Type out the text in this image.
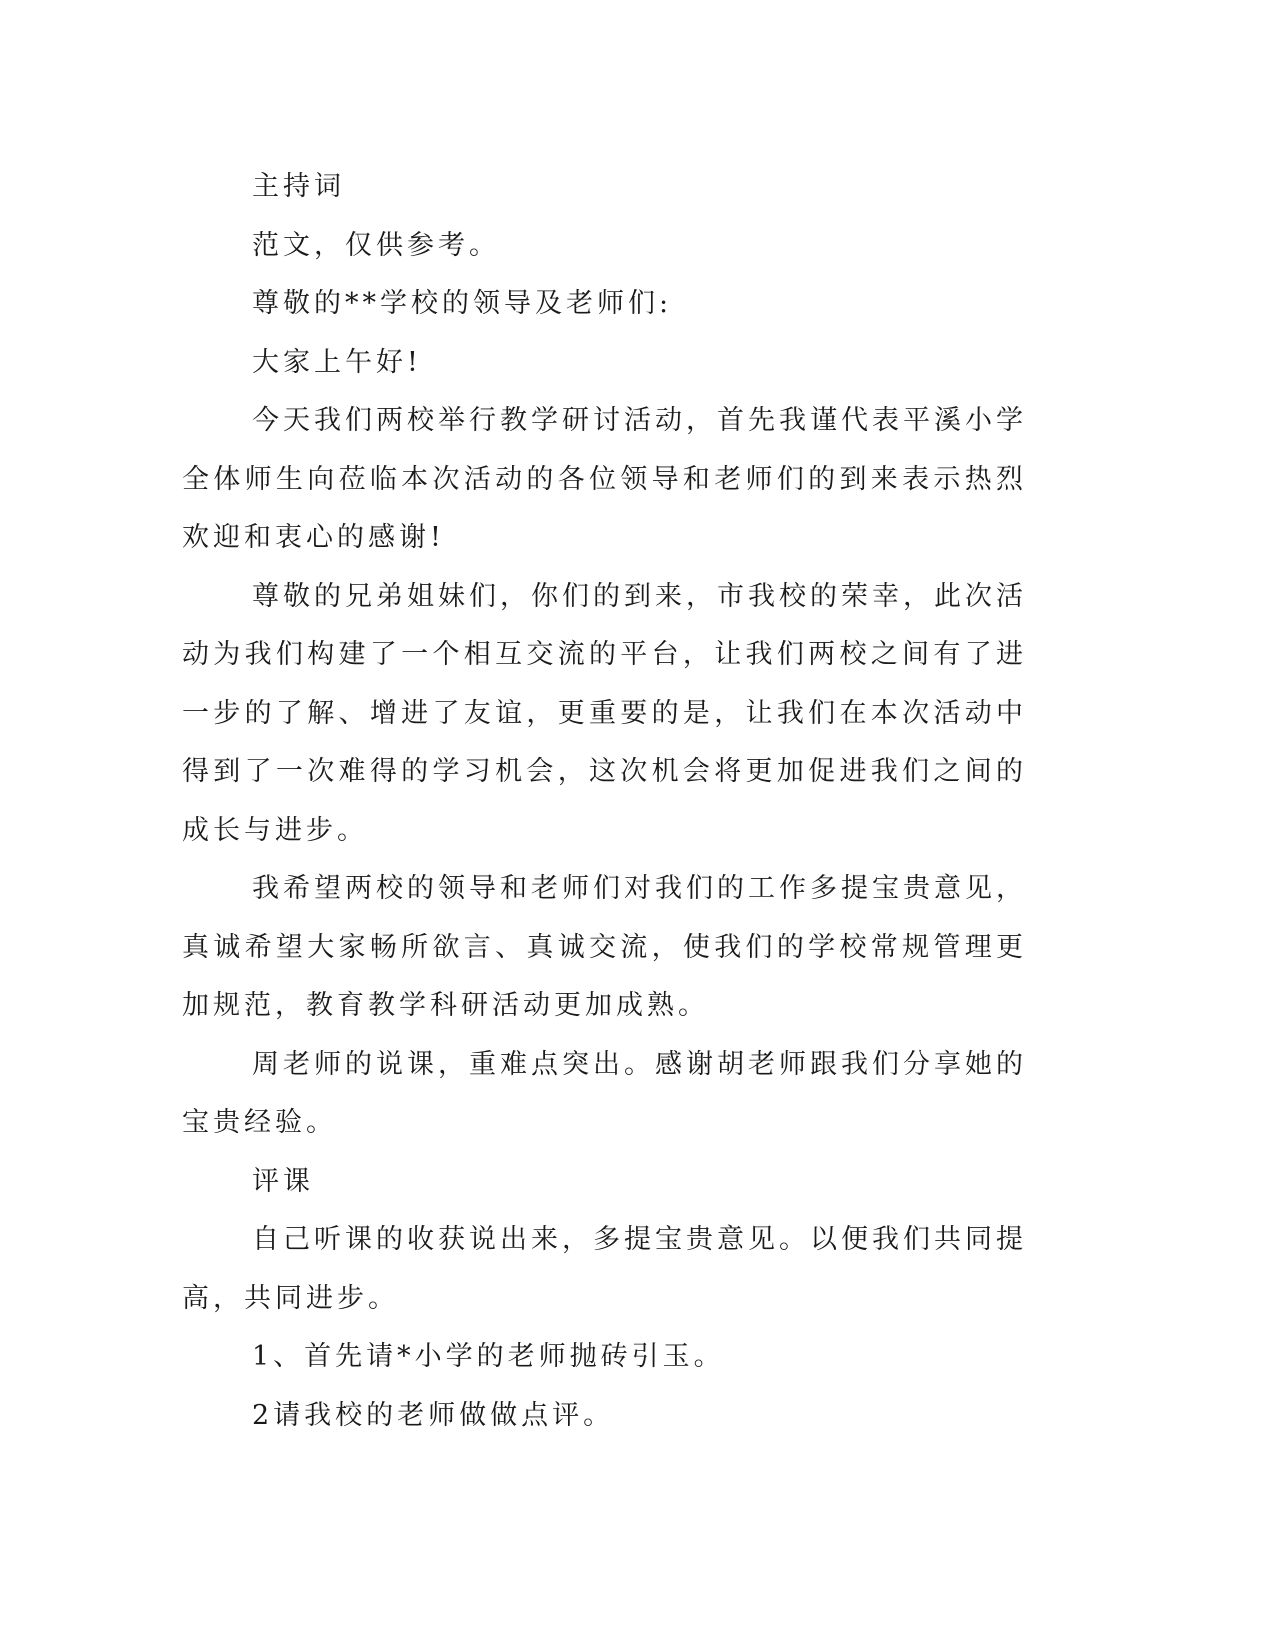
主持词

范文，仅供参考。

尊敬的**学校的领导及老师们:

大家上午好!

今天我们两校举行教学研讨活动，首先我谨代表平溪小学全体师生向莅临本次活动的各位领导和老师们的到来表示热烈欢迎和衷心的感谢!

尊敬的兄弟姐妹们，你们的到来，市我校的荣幸，此次活动为我们构建了一个相互交流的平台，让我们两校之间有了进一步的了解、增进了友谊，更重要的是，让我们在本次活动中得到了一次难得的学习机会，这次机会将更加促进我们之间的成长与进步。

我希望两校的领导和老师们对我们的工作多提宝贵意见，真诚希望大家畅所欲言、真诚交流，使我们的学校常规管理更加规范，教育教学科研活动更加成熟。

周老师的说课，重难点突出。感谢胡老师跟我们分享她的宝贵经验。

评课

自己听课的收获说出来，多提宝贵意见。以便我们共同提高，共同进步。

1、首先请*小学的老师抛砖引玉。

2请我校的老师做做点评。
